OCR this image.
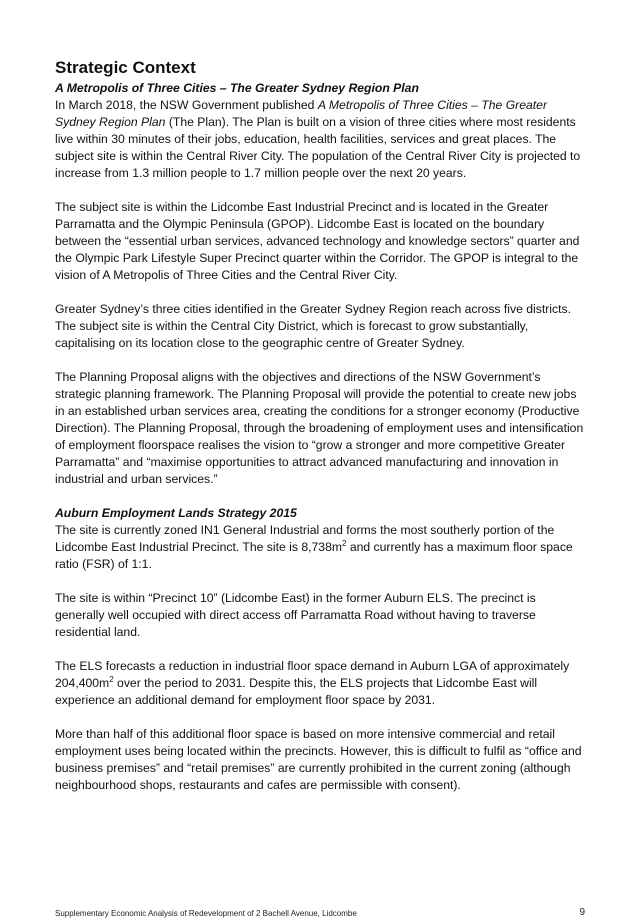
Strategic Context
A Metropolis of Three Cities – The Greater Sydney Region Plan

In March 2018, the NSW Government published A Metropolis of Three Cities – The Greater Sydney Region Plan (The Plan). The Plan is built on a vision of three cities where most residents live within 30 minutes of their jobs, education, health facilities, services and great places. The subject site is within the Central River City. The population of the Central River City is projected to increase from 1.3 million people to 1.7 million people over the next 20 years.

The subject site is within the Lidcombe East Industrial Precinct and is located in the Greater Parramatta and the Olympic Peninsula (GPOP). Lidcombe East is located on the boundary between the “essential urban services, advanced technology and knowledge sectors” quarter and the Olympic Park Lifestyle Super Precinct quarter within the Corridor. The GPOP is integral to the vision of A Metropolis of Three Cities and the Central River City.

Greater Sydney’s three cities identified in the Greater Sydney Region reach across five districts. The subject site is within the Central City District, which is forecast to grow substantially, capitalising on its location close to the geographic centre of Greater Sydney.

The Planning Proposal aligns with the objectives and directions of the NSW Government’s strategic planning framework. The Planning Proposal will provide the potential to create new jobs in an established urban services area, creating the conditions for a stronger economy (Productive Direction). The Planning Proposal, through the broadening of employment uses and intensification of employment floorspace realises the vision to “grow a stronger and more competitive Greater Parramatta” and “maximise opportunities to attract advanced manufacturing and innovation in industrial and urban services.”

Auburn Employment Lands Strategy 2015

The site is currently zoned IN1 General Industrial and forms the most southerly portion of the Lidcombe East Industrial Precinct. The site is $8,738m^2$ and currently has a maximum floor space ratio (FSR) of 1:1.

The site is within “Precinct 10” (Lidcombe East) in the former Auburn ELS. The precinct is generally well occupied with direct access off Parramatta Road without having to traverse residential land.

The ELS forecasts a reduction in industrial floor space demand in Auburn LGA of approximately $204,400m^2$ over the period to 2031. Despite this, the ELS projects that Lidcombe East will experience an additional demand for employment floor space by 2031.

More than half of this additional floor space is based on more intensive commercial and retail employment uses being located within the precincts. However, this is difficult to fulfil as “office and business premises” and “retail premises” are currently prohibited in the current zoning (although neighbourhood shops, restaurants and cafes are permissible with consent).

Supplementary Economic Analysis of Redevelopment of 2 Bachell Avenue, Lidcombe	9
